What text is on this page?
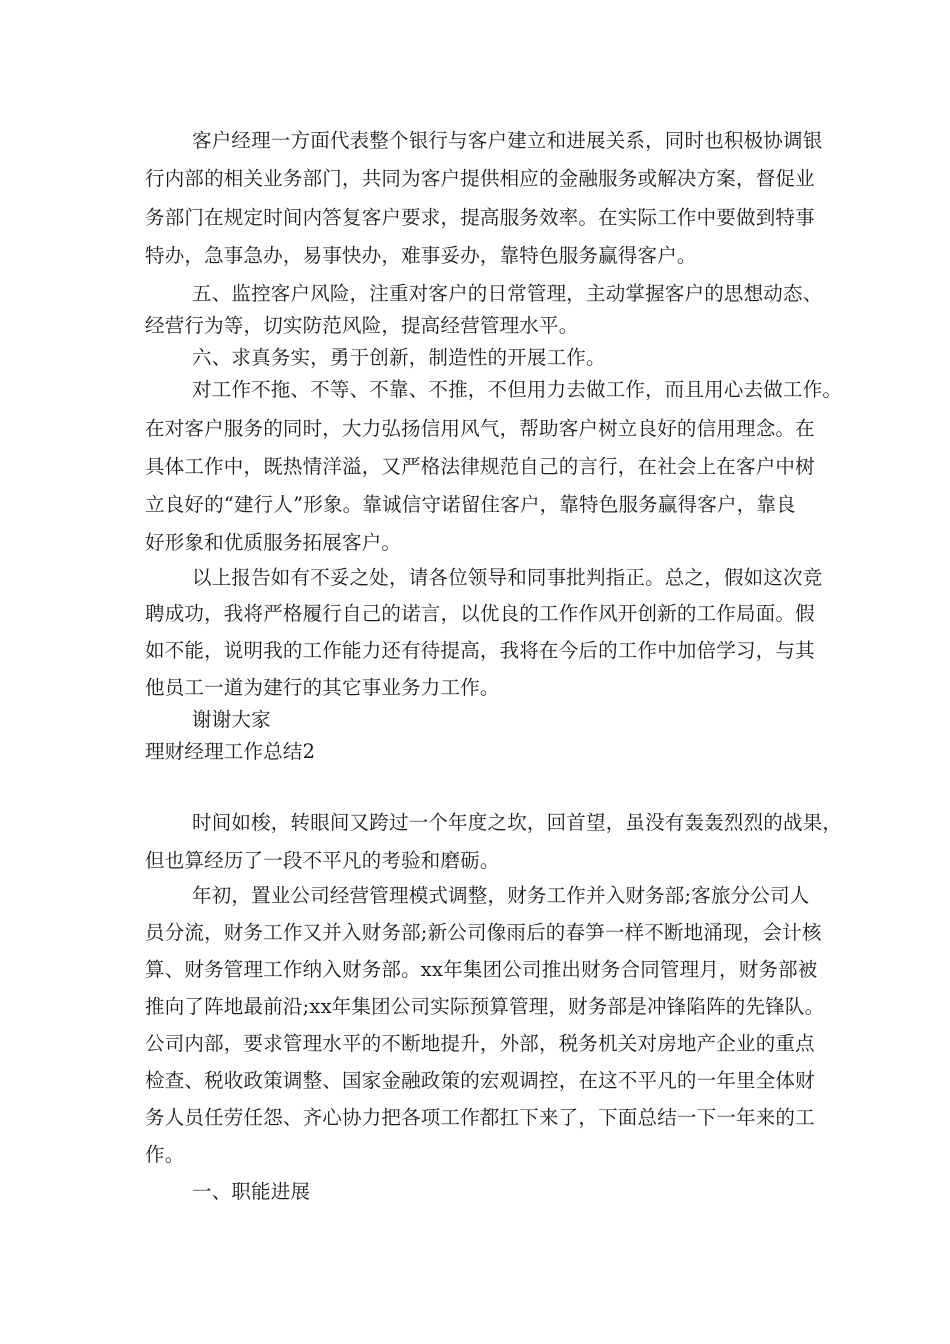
客户经理一方面代表整个银行与客户建立和进展关系，同时也积极协调银
行内部的相关业务部门，共同为客户提供相应的金融服务或解决方案，督促业
务部门在规定时间内答复客户要求，提高服务效率。在实际工作中要做到特事
特办，急事急办，易事快办，难事妥办，靠特色服务赢得客户。
五、监控客户风险，注重对客户的日常管理，主动掌握客户的思想动态、
经营行为等，切实防范风险，提高经营管理水平。
六、求真务实，勇于创新，制造性的开展工作。
对工作不拖、不等、不靠、不推，不但用力去做工作，而且用心去做工作。
在对客户服务的同时，大力弘扬信用风气，帮助客户树立良好的信用理念。在
具体工作中，既热情洋溢，又严格法律规范自己的言行，在社会上在客户中树
立良好的“建行人”形象。靠诚信守诺留住客户，靠特色服务赢得客户，靠良
好形象和优质服务拓展客户。
以上报告如有不妥之处，请各位领导和同事批判指正。总之，假如这次竞
聘成功，我将严格履行自己的诺言，以优良的工作作风开创新的工作局面。假
如不能，说明我的工作能力还有待提高，我将在今后的工作中加倍学习，与其
他员工一道为建行的其它事业务力工作。
谢谢大家
理财经理工作总结2
时间如梭，转眼间又跨过一个年度之坎，回首望，虽没有轰轰烈烈的战果，
但也算经历了一段不平凡的考验和磨砺。
年初，置业公司经营管理模式调整，财务工作并入财务部;客旅分公司人
员分流，财务工作又并入财务部;新公司像雨后的春笋一样不断地涌现，会计核
算、财务管理工作纳入财务部。xx年集团公司推出财务合同管理月，财务部被
推向了阵地最前沿;xx年集团公司实际预算管理，财务部是冲锋陷阵的先锋队。
公司内部，要求管理水平的不断地提升，外部，税务机关对房地产企业的重点
检查、税收政策调整、国家金融政策的宏观调控，在这不平凡的一年里全体财
务人员任劳任怨、齐心协力把各项工作都扛下来了，下面总结一下一年来的工
作。
一、职能进展
